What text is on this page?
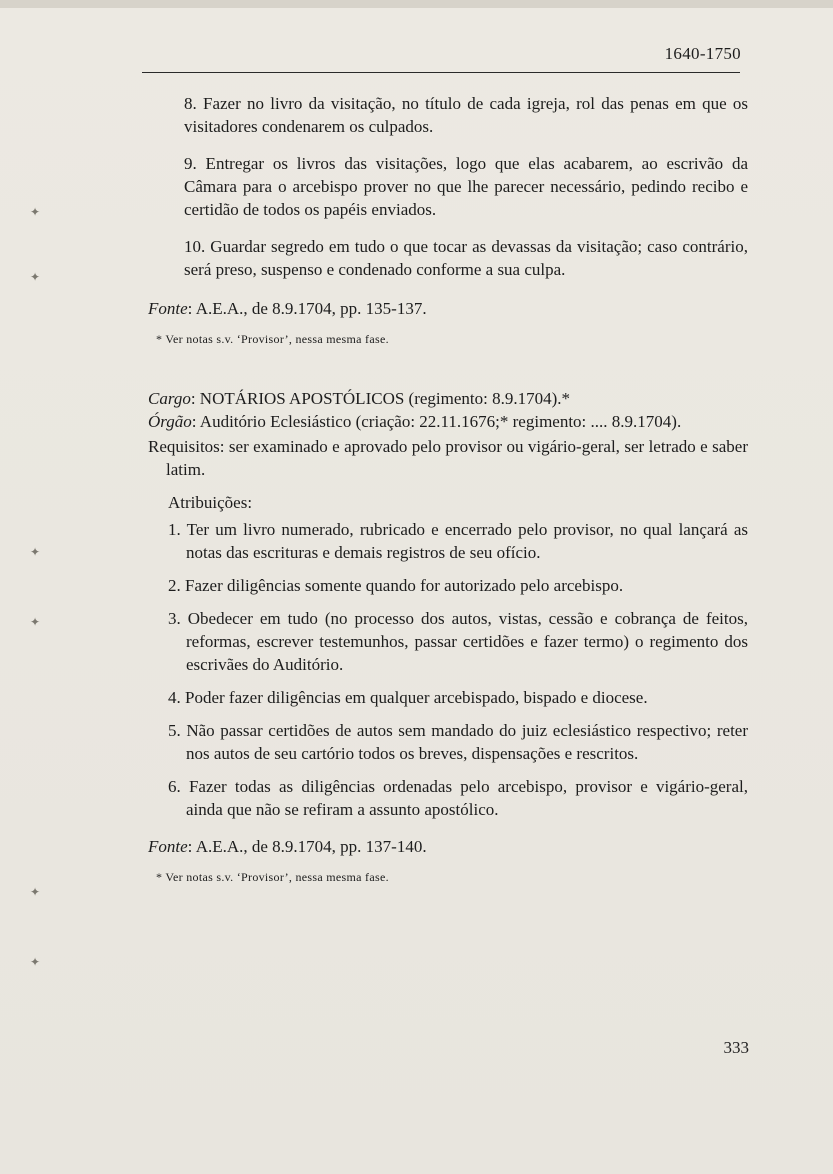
1640-1750

8. Fazer no livro da visitação, no título de cada igreja, rol das penas em que os visitadores condenarem os culpados.

9. Entregar os livros das visitações, logo que elas acabarem, ao escrivão da Câmara para o arcebispo prover no que lhe parecer necessário, pedindo recibo e certidão de todos os papéis enviados.

10. Guardar segredo em tudo o que tocar as devassas da visitação; caso contrário, será preso, suspenso e condenado conforme a sua culpa.

Fonte: A.E.A., de 8.9.1704, pp. 135-137.
* Ver notas s.v. ‘Provisor’, nessa mesma fase.

Cargo: NOTÁRIOS APOSTÓLICOS (regimento: 8.9.1704).*

Órgão: Auditório Eclesiástico (criação: 22.11.1676;* regimento: .... 8.9.1704).

Requisitos: ser examinado e aprovado pelo provisor ou vigário-geral, ser letrado e saber latim.

Atribuições:
1. Ter um livro numerado, rubricado e encerrado pelo provisor, no qual lançará as notas das escrituras e demais registros de seu ofício.
2. Fazer diligências somente quando for autorizado pelo arcebispo.
3. Obedecer em tudo (no processo dos autos, vistas, cessão e cobrança de feitos, reformas, escrever testemunhos, passar certidões e fazer termo) o regimento dos escrivães do Auditório.
4. Poder fazer diligências em qualquer arcebispado, bispado e diocese.
5. Não passar certidões de autos sem mandado do juiz eclesiástico respectivo; reter nos autos de seu cartório todos os breves, dispensações e rescritos.
6. Fazer todas as diligências ordenadas pelo arcebispo, provisor e vigário-geral, ainda que não se refiram a assunto apostólico.
Fonte: A.E.A., de 8.9.1704, pp. 137-140.
* Ver notas s.v. ‘Provisor’, nessa mesma fase.
333
✦
✦
✦
✦
✦
✦
